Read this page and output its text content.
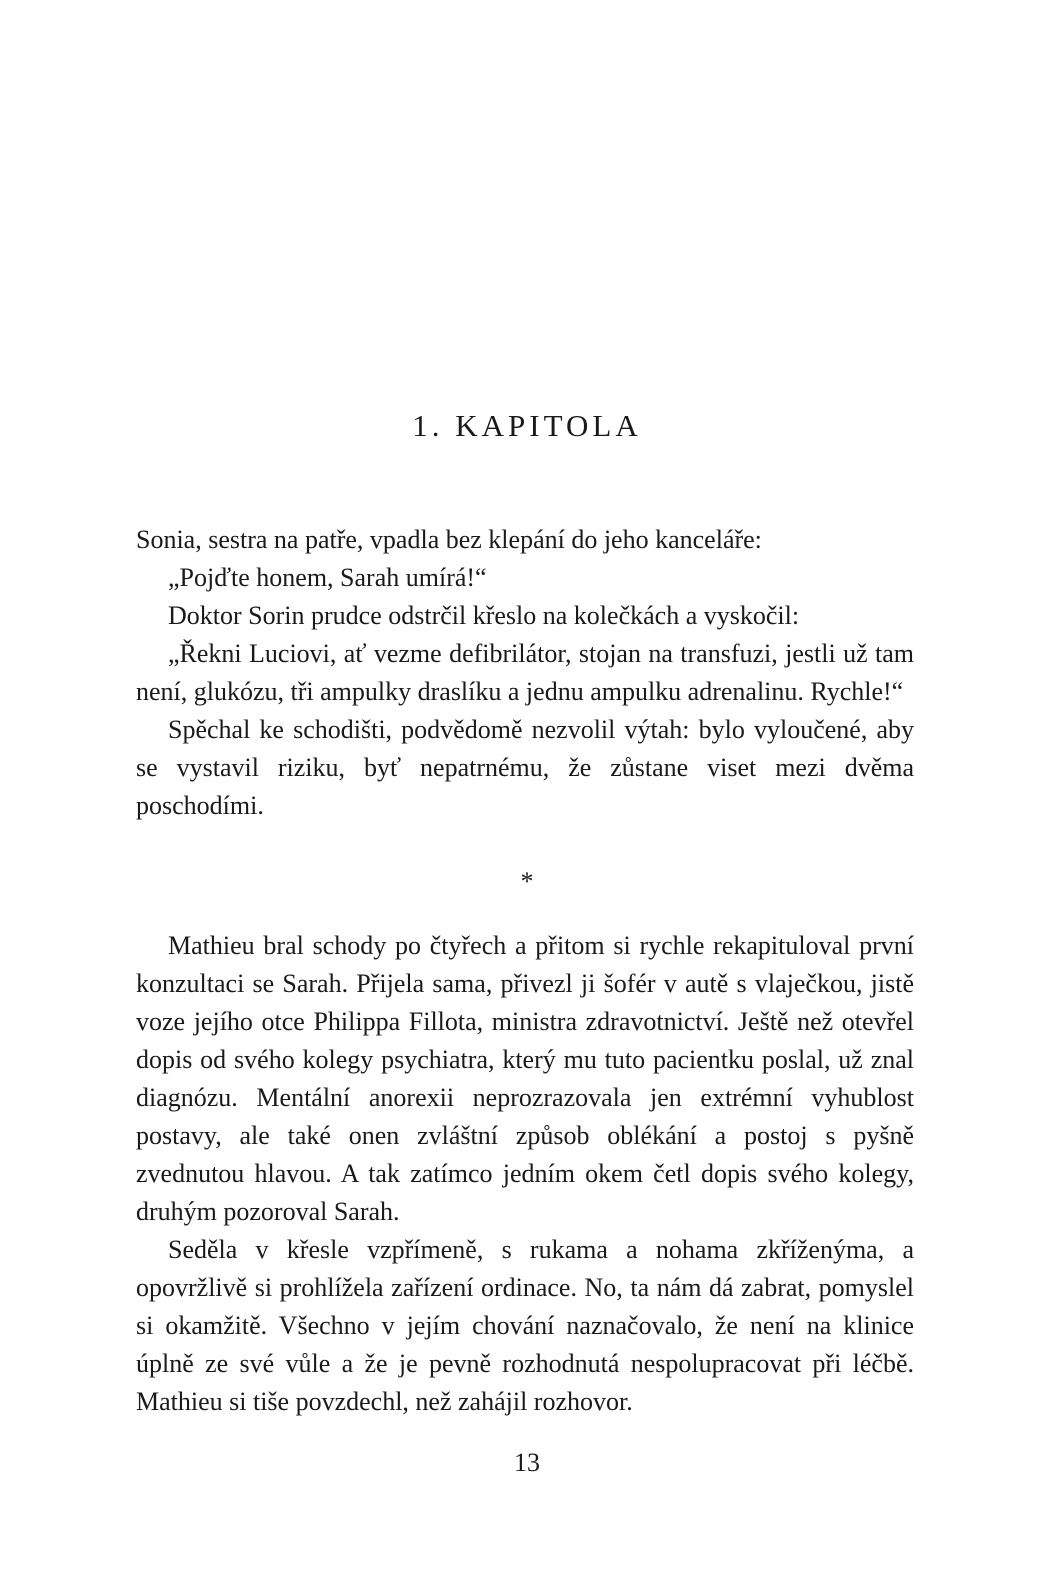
1. KAPITOLA

Sonia, sestra na patře, vpadla bez klepání do jeho kanceláře:

„Pojďte honem, Sarah umírá!“

Doktor Sorin prudce odstrčil křeslo na kolečkách a vyskočil:

„Řekni Luciovi, ať vezme defibrilátor, stojan na transfuzi, jestli už tam není, glukózu, tři ampulky draslíku a jednu ampulku adrenalinu. Rychle!“

Spěchal ke schodišti, podvědomě nezvolil výtah: bylo vyloučené, aby se vystavil riziku, byť nepatrnému, že zůstane viset mezi dvěma poschodími.

*

Mathieu bral schody po čtyřech a přitom si rychle rekapituloval první konzultaci se Sarah. Přijela sama, přivezl ji šofér v autě s vlaječkou, jistě voze jejího otce Philippa Fillota, ministra zdravotnictví. Ještě než otevřel dopis od svého kolegy psychiatra, který mu tuto pacientku poslal, už znal diagnózu. Mentální anorexii neprozrazovala jen extrémní vyhublost postavy, ale také onen zvláštní způsob oblékání a postoj s pyšně zvednutou hlavou. A tak zatímco jedním okem četl dopis svého kolegy, druhým pozoroval Sarah.

Seděla v křesle vzpřímeně, s rukama a nohama zkříženýma, a opovržlivě si prohlížela zařízení ordinace. No, ta nám dá zabrat, pomyslel si okamžitě. Všechno v jejím chování naznačovalo, že není na klinice úplně ze své vůle a že je pevně rozhodnutá nespolupracovat při léčbě. Mathieu si tiše povzdechl, než zahájil rozhovor.

13
